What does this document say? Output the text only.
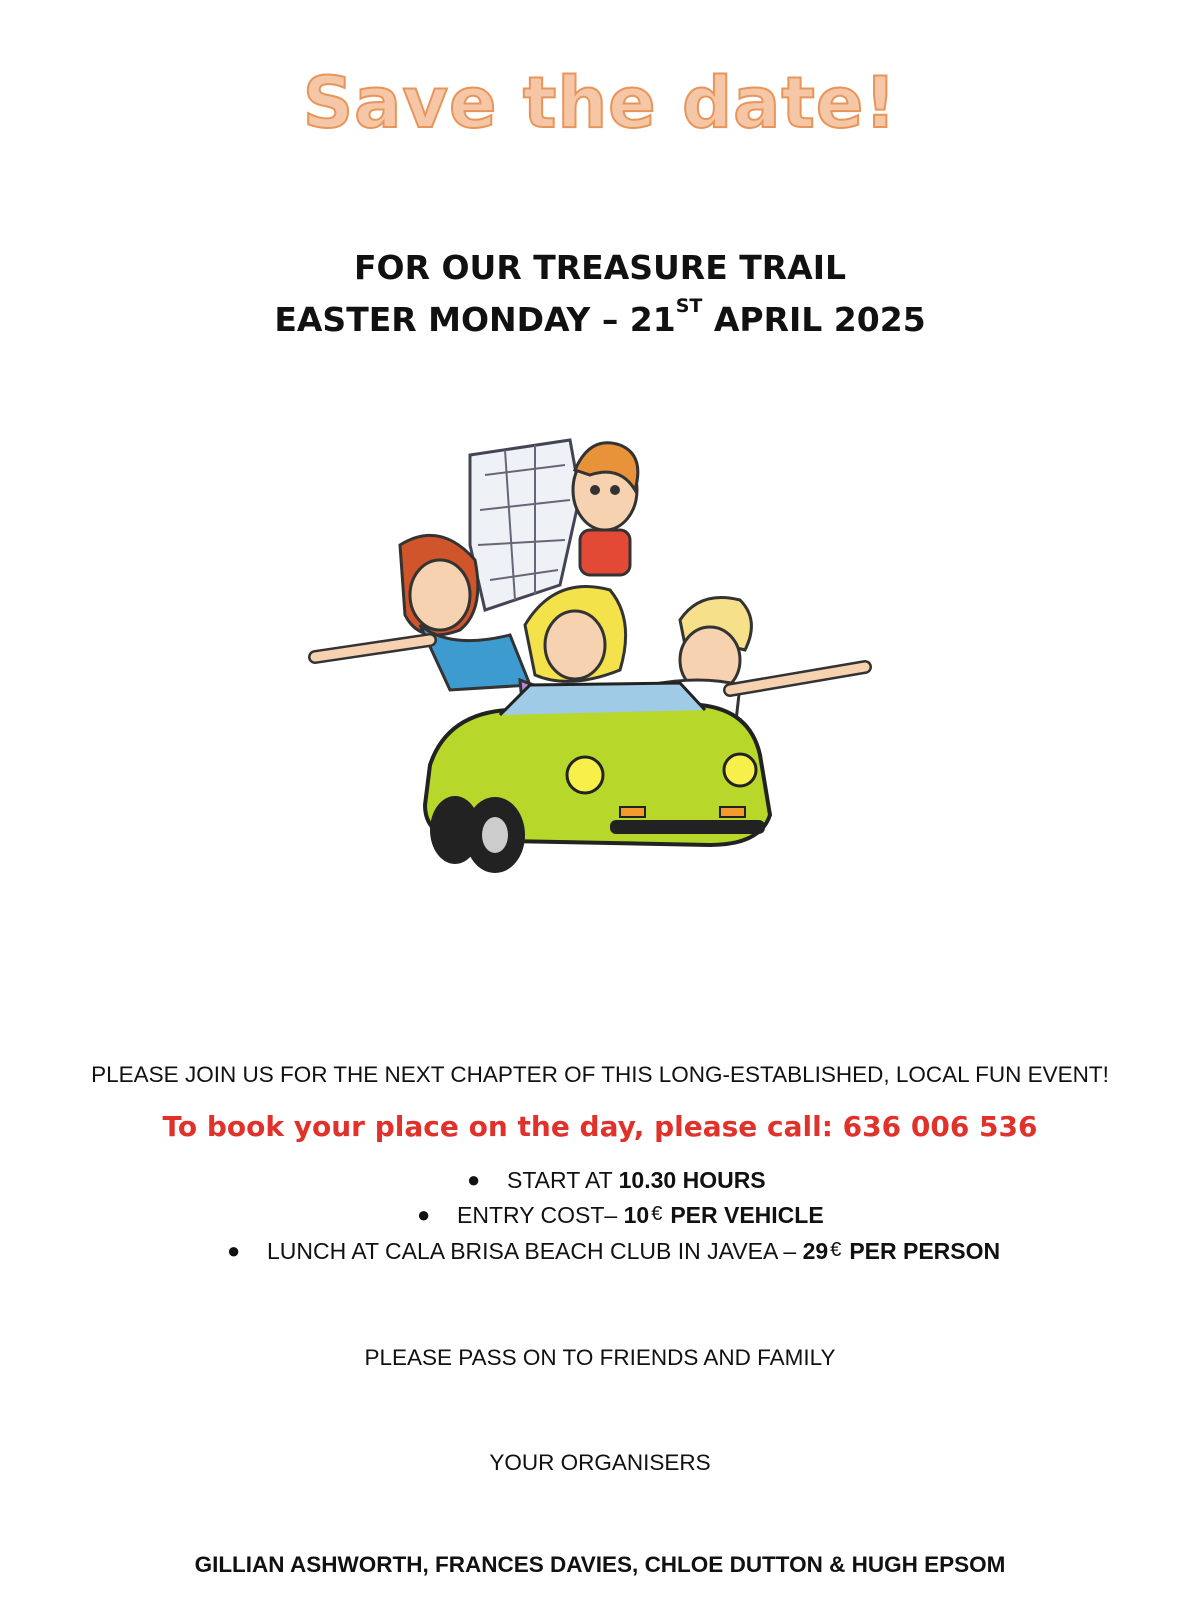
Save the date!
FOR OUR TREASURE TRAIL
EASTER MONDAY – 21ST APRIL 2025
PLEASE JOIN US FOR THE NEXT CHAPTER OF THIS LONG-ESTABLISHED, LOCAL FUN EVENT!
To book your place on the day, please call: 636 006 536
● START AT 10.30 HOURS
● ENTRY COST– 10 € PER VEHICLE
● LUNCH AT CALA BRISA BEACH CLUB IN JAVEA – 29 € PER PERSON
PLEASE PASS ON TO FRIENDS AND FAMILY
YOUR ORGANISERS
GILLIAN ASHWORTH, FRANCES DAVIES, CHLOE DUTTON & HUGH EPSOM
